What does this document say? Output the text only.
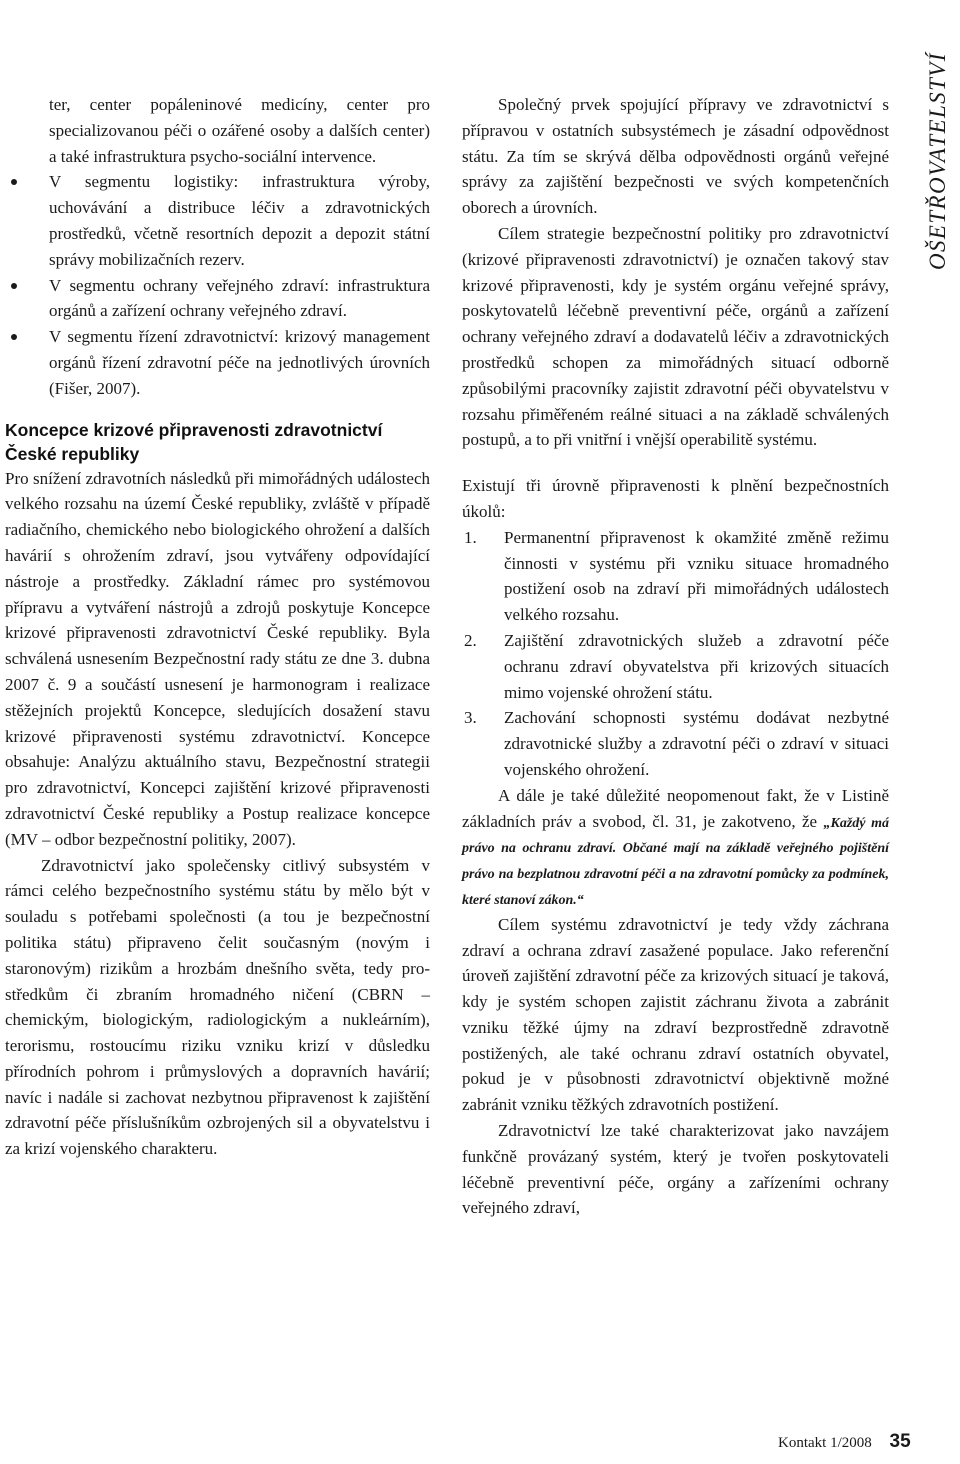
OŠETŘOVATELSTVÍ
ter, center popáleninové medicíny, center pro specializovanou péči o ozářené osoby a dalších center) a také infrastruktura psycho-sociální intervence.
V segmentu logistiky: infrastruktura výroby, uchovávání a distribuce léčiv a zdravotnických prostředků, včetně resortních depozit a depozit státní správy mobilizačních rezerv.
V segmentu ochrany veřejného zdraví: infrastruktura orgánů a zařízení ochrany veřejného zdraví.
V segmentu řízení zdravotnictví: krizový management orgánů řízení zdravotní péče na jednotlivých úrovních (Fišer, 2007).
Koncepce krizové připravenosti zdravotnictví České republiky

Pro snížení zdravotních následků při mimořádných událostech velkého rozsahu na území České republiky, zvláště v případě radiačního, chemického nebo biologického ohrožení a dalších havárií s ohrožením zdraví, jsou vytvářeny odpovídající nástroje a prostředky. Základní rámec pro systémovou přípravu a vytváření nástrojů a zdrojů poskytuje Koncepce krizové připravenosti zdravotnictví České republiky. Byla schválená usnesením Bezpečnostní rady státu ze dne 3. dubna 2007 č. 9 a součástí usnesení je harmonogram i realizace stěžejních projektů Koncepce, sledujících dosažení stavu krizové připravenosti systému zdravotnictví. Koncepce obsahuje: Analýzu aktuálního stavu, Bezpečnostní strategii pro zdravotnictví, Koncepci zajištění krizové připravenosti zdravotnictví České republiky a Postup realizace koncepce (MV – odbor bezpečnostní politiky, 2007).

Zdravotnictví jako společensky citlivý subsystém v rámci celého bezpečnostního systému státu by mělo být v souladu s potřebami společnosti (a tou je bezpečnostní politika státu) připraveno čelit současným (novým i staronovým) rizikům a hrozbám dnešního světa, tedy prostředkům či zbraním hromadného ničení (CBRN – chemickým, biologickým, radiologickým a nukleárním), terorismu, rostoucímu riziku vzniku krizí v důsledku přírodních pohrom i průmyslových a dopravních havárií; navíc i nadále si zachovat nezbytnou připravenost k zajištění zdravotní péče příslušníkům ozbrojených sil a obyvatelstvu i za krizí vojenského charakteru.

Společný prvek spojující přípravy ve zdravotnictví s přípravou v ostatních subsystémech je zásadní odpovědnost státu. Za tím se skrývá dělba odpovědnosti orgánů veřejné správy za zajištění bezpečnosti ve svých kompetenčních oborech a úrovních.

Cílem strategie bezpečnostní politiky pro zdravotnictví (krizové připravenosti zdravotnictví) je označen takový stav krizové připravenosti, kdy je systém orgánu veřejné správy, poskytovatelů léčebně preventivní péče, orgánů a zařízení ochrany veřejného zdraví a dodavatelů léčiv a zdravotnických prostředků schopen za mimořádných situací odborně způsobilými pracovníky zajistit zdravotní péči obyvatelstvu v rozsahu přiměřeném reálné situaci a na základě schválených postupů, a to při vnitřní i vnější operabilitě systému.

Existují tři úrovně připravenosti k plnění bezpečnostních úkolů:

1. Permanentní připravenost k okamžité změně režimu činnosti v systému při vzniku situace hromadného postižení osob na zdraví při mimořádných událostech velkého rozsahu.
2. Zajištění zdravotnických služeb a zdravotní péče ochranu zdraví obyvatelstva při krizových situacích mimo vojenské ohrožení státu.
3. Zachování schopnosti systému dodávat nezbytné zdravotnické služby a zdravotní péči o zdraví v situaci vojenského ohrožení.

A dále je také důležité neopomenout fakt, že v Listině základních práv a svobod, čl. 31, je zakotveno, že „Každý má právo na ochranu zdraví. Občané mají na základě veřejného pojištění právo na bezplatnou zdravotní péči a na zdravotní pomůcky za podmínek, které stanoví zákon.“

Cílem systému zdravotnictví je tedy vždy záchrana zdraví a ochrana zdraví zasažené populace. Jako referenční úroveň zajištění zdravotní péče za krizových situací je taková, kdy je systém schopen zajistit záchranu života a zabránit vzniku těžké újmy na zdraví bezprostředně zdravotně postižených, ale také ochranu zdraví ostatních obyvatel, pokud je v působnosti zdravotnictví objektivně možné zabránit vzniku těžkých zdravotních postižení.

Zdravotnictví lze také charakterizovat jako navzájem funkčně provázaný systém, který je tvořen poskytovateli léčebně preventivní péče, orgány a zařízeními ochrany veřejného zdraví,

Kontakt 1/2008 35
